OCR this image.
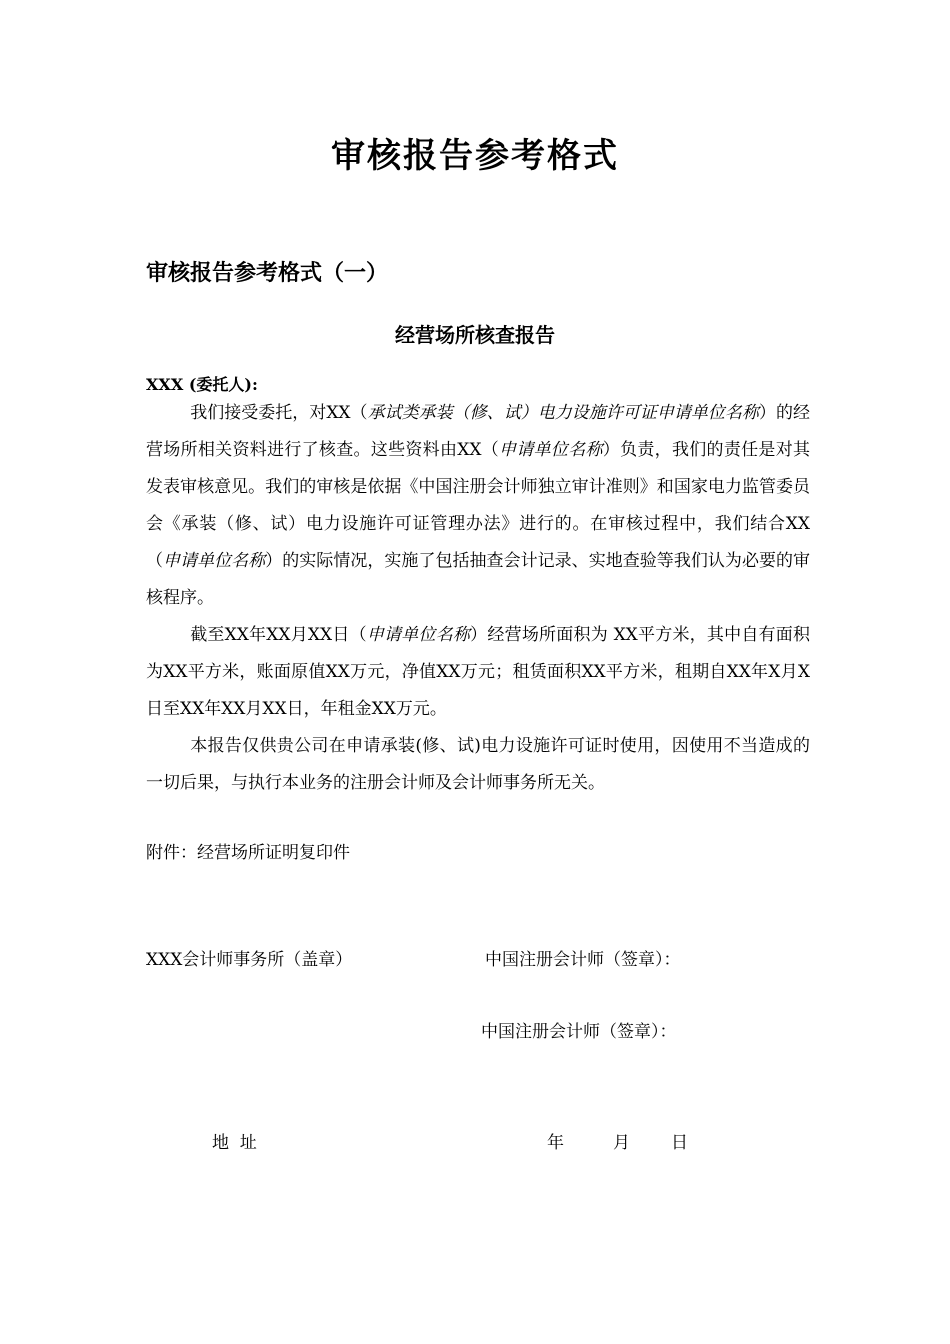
审核报告参考格式
审核报告参考格式（一）
经营场所核查报告
XXX (委托人):

我们接受委托，对XX（承试类承装（修、试）电力设施许可证申请单位名称）的经营场所相关资料进行了核查。这些资料由XX（申请单位名称）负责，我们的责任是对其发表审核意见。我们的审核是依据《中国注册会计师独立审计准则》和国家电力监管委员会《承装（修、试）电力设施许可证管理办法》进行的。在审核过程中，我们结合XX（申请单位名称）的实际情况，实施了包括抽查会计记录、实地查验等我们认为必要的审核程序。

截至XX年XX月XX日（申请单位名称）经营场所面积为 XX平方米，其中自有面积为XX平方米，账面原值XX万元，净值XX万元；租赁面积XX平方米，租期自XX年X月X日至XX年XX月XX日，年租金XX万元。

本报告仅供贵公司在申请承装(修、试)电力设施许可证时使用，因使用不当造成的一切后果，与执行本业务的注册会计师及会计师事务所无关。

附件：经营场所证明复印件
XXX会计师事务所（盖章）	中国注册会计师（签章）：
中国注册会计师（签章）：
地  址	年	月 日
